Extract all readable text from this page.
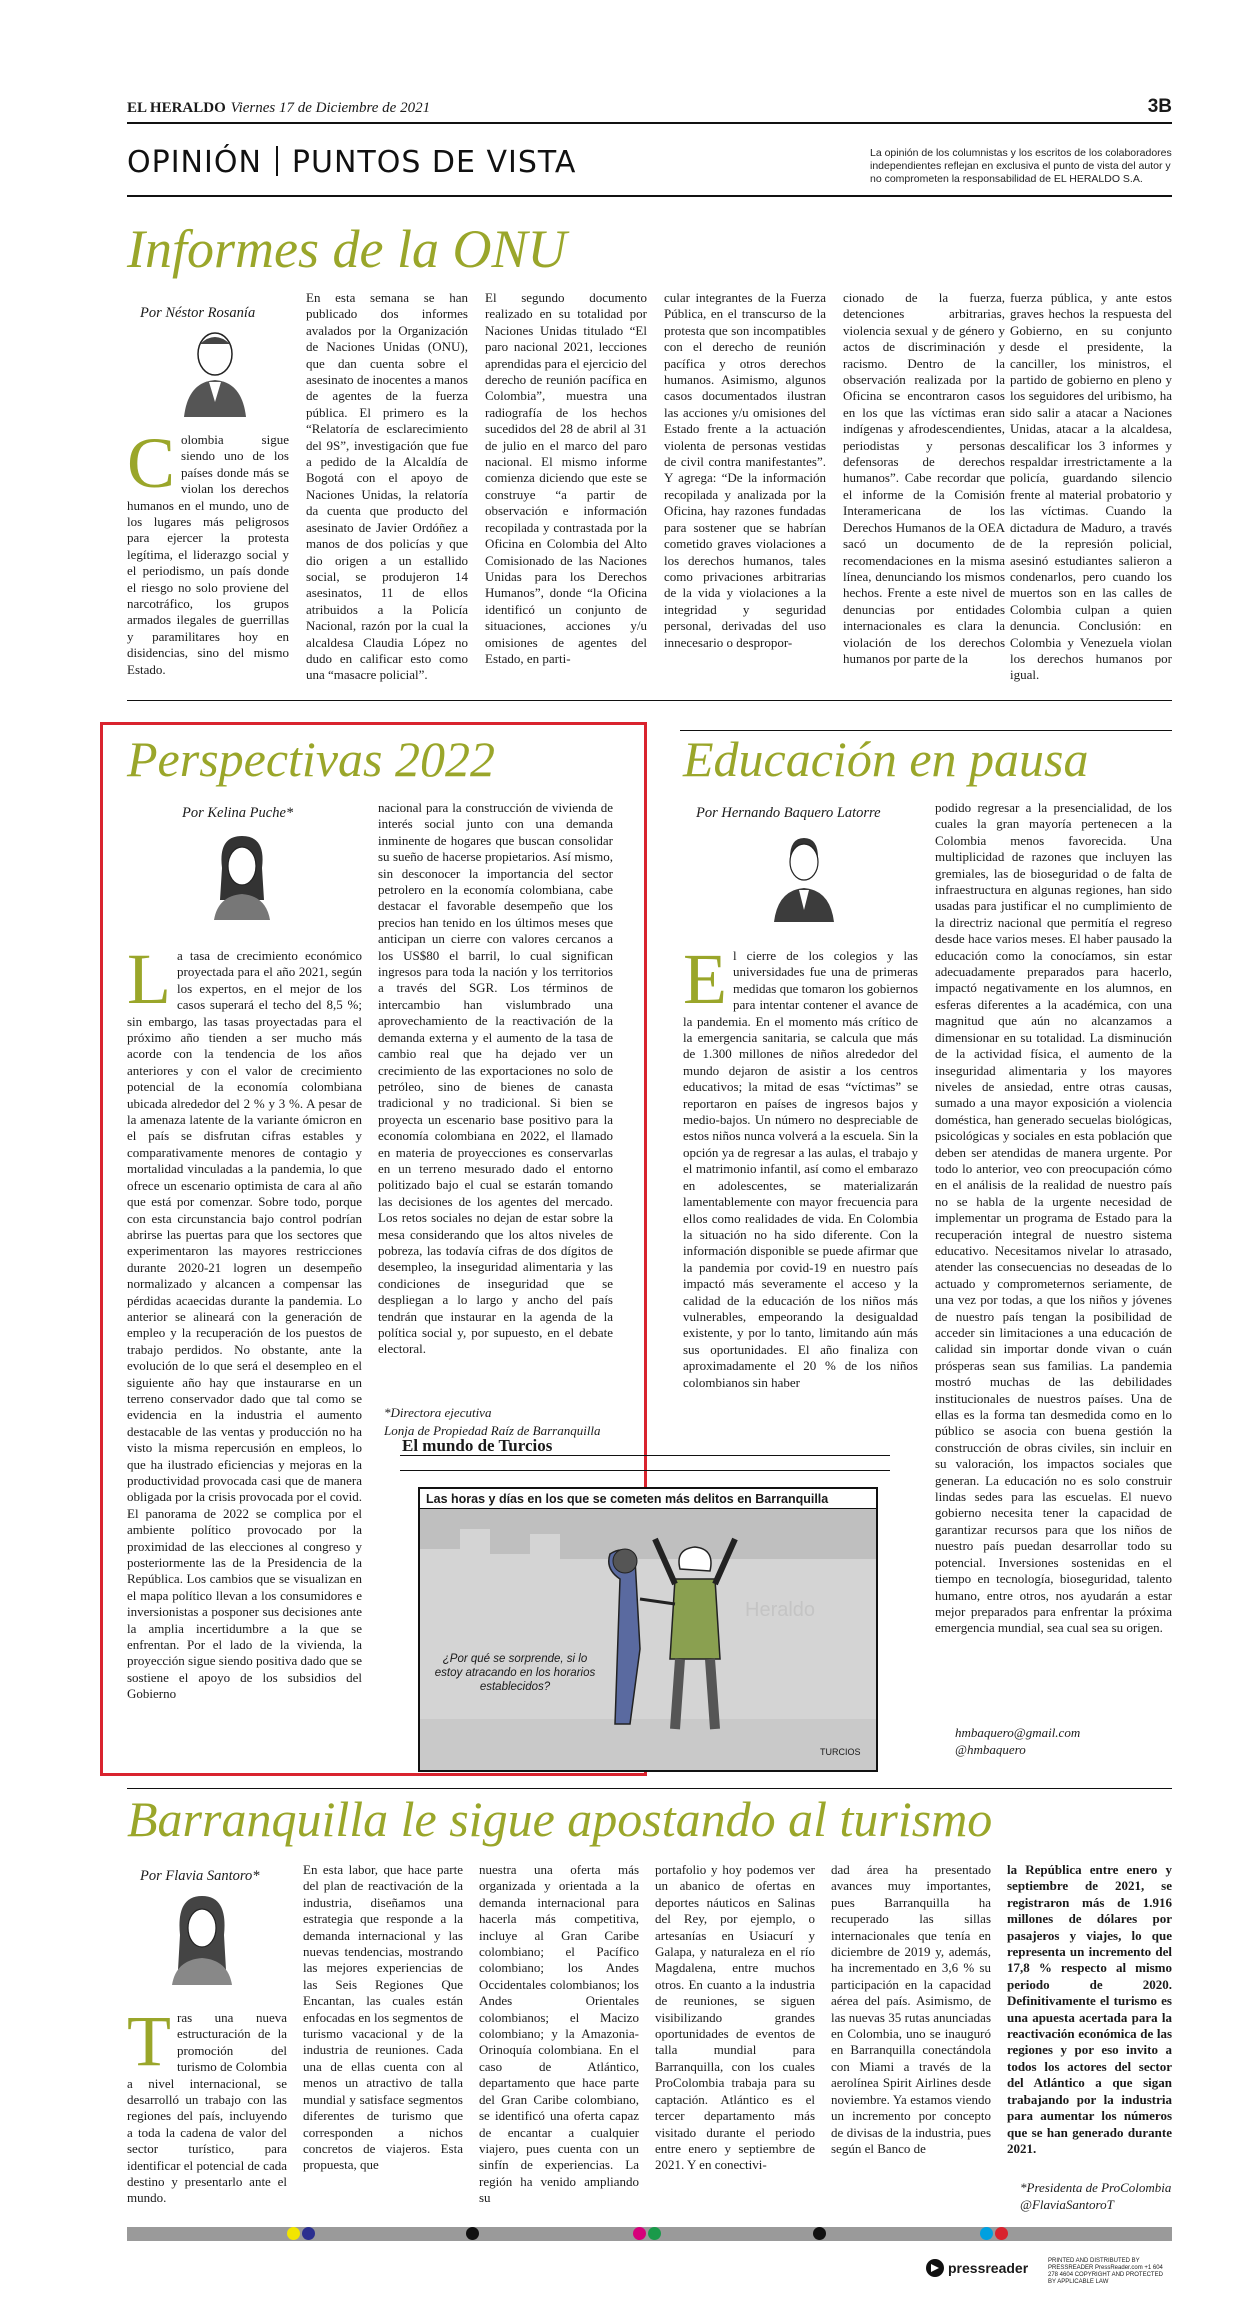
EL HERALDO Viernes 17 de Diciembre de 2021	3B
OPINIÓN PUNTOS DE VISTA	La opinión de los columnistas y los escritos de los colaboradores independientes reflejan en exclusiva el punto de vista del autor y no comprometen la responsabilidad de EL HERALDO S.A.
Informes de la ONU
Por Néstor Rosanía
Colombia sigue siendo uno de los países donde más se violan los derechos humanos en el mundo, uno de los lugares más peligrosos para ejercer la protesta legítima, el liderazgo social y el periodismo, un país donde el riesgo no solo proviene del narcotráfico, los grupos armados ilegales de guerrillas y paramilitares hoy en disidencias, sino del mismo Estado.
En esta semana se han publicado dos informes avalados por la Organización de Naciones Unidas (ONU), que dan cuenta sobre el asesinato de inocentes a manos de agentes de la fuerza pública. El primero es la “Relatoría de esclarecimiento del 9S”, investigación que fue a pedido de la Alcaldía de Bogotá con el apoyo de Naciones Unidas, la relatoría da cuenta que producto del asesinato de Javier Ordóñez a manos de dos policías y que dio origen a un estallido social, se produjeron 14 asesinatos, 11 de ellos atribuidos a la Policía Nacional, razón por la cual la alcaldesa Claudia López no dudo en calificar esto como una “masacre policial”.
El segundo documento realizado en su totalidad por Naciones Unidas titulado “El paro nacional 2021, lecciones aprendidas para el ejercicio del derecho de reunión pacífica en Colombia”, muestra una radiografía de los hechos sucedidos del 28 de abril al 31 de julio en el marco del paro nacional. El mismo informe comienza diciendo que este se construye “a partir de observación e información recopilada y contrastada por la Oficina en Colombia del Alto Comisionado de las Naciones Unidas para los Derechos Humanos”, donde “la Oficina identificó un conjunto de situaciones, acciones y/u omisiones de agentes del Estado, en parti-
cular integrantes de la Fuerza Pública, en el transcurso de la protesta que son incompatibles con el derecho de reunión pacífica y otros derechos humanos. Asimismo, algunos casos documentados ilustran las acciones y/u omisiones del Estado frente a la actuación violenta de personas vestidas de civil contra manifestantes”. Y agrega: “De la información recopilada y analizada por la Oficina, hay razones fundadas para sostener que se habrían cometido graves violaciones a los derechos humanos, tales como privaciones arbitrarias de la vida y violaciones a la integridad y seguridad personal, derivadas del uso innecesario o despropor-
cionado de la fuerza, detenciones arbitrarias, violencia sexual y de género y actos de discriminación y racismo. Dentro de la observación realizada por la Oficina se encontraron casos en los que las víctimas eran indígenas y afrodescendientes, periodistas y personas defensoras de derechos humanos”. Cabe recordar que el informe de la Comisión Interamericana de los Derechos Humanos de la OEA sacó un documento de recomendaciones en la misma línea, denunciando los mismos hechos. Frente a este nivel de denuncias por entidades internacionales es clara la violación de los derechos humanos por parte de la
fuerza pública, y ante estos graves hechos la respuesta del Gobierno, en su conjunto desde el presidente, la canciller, los ministros, el partido de gobierno en pleno y los seguidores del uribismo, ha sido salir a atacar a Naciones Unidas, atacar a la alcaldesa, descalificar los 3 informes y respaldar irrestrictamente a la policía, guardando silencio frente al material probatorio y las víctimas. Cuando la dictadura de Maduro, a través de la represión policial, asesinó estudiantes salieron a condenarlos, pero cuando los muertos son en las calles de Colombia culpan a quien denuncia. Conclusión: en Colombia y Venezuela violan los derechos humanos por igual.
Perspectivas 2022
Por Kelina Puche*
La tasa de crecimiento económico proyectada para el año 2021, según los expertos, en el mejor de los casos superará el techo del 8,5 %; sin embargo, las tasas proyectadas para el próximo año tienden a ser mucho más acorde con la tendencia de los años anteriores y con el valor de crecimiento potencial de la economía colombiana ubicada alrededor del 2 % y 3 %. A pesar de la amenaza latente de la variante ómicron en el país se disfrutan cifras estables y comparativamente menores de contagio y mortalidad vinculadas a la pandemia, lo que ofrece un escenario optimista de cara al año que está por comenzar. Sobre todo, porque con esta circunstancia bajo control podrían abrirse las puertas para que los sectores que experimentaron las mayores restricciones durante 2020-21 logren un desempeño normalizado y alcancen a compensar las pérdidas acaecidas durante la pandemia. Lo anterior se alineará con la generación de empleo y la recuperación de los puestos de trabajo perdidos. No obstante, ante la evolución de lo que será el desempleo en el siguiente año hay que instaurarse en un terreno conservador dado que tal como se evidencia en la industria el aumento destacable de las ventas y producción no ha visto la misma repercusión en empleos, lo que ha ilustrado eficiencias y mejoras en la productividad provocada casi que de manera obligada por la crisis provocada por el covid. El panorama de 2022 se complica por el ambiente político provocado por la proximidad de las elecciones al congreso y posteriormente las de la Presidencia de la República. Los cambios que se visualizan en el mapa político llevan a los consumidores e inversionistas a posponer sus decisiones ante la amplia incertidumbre a la que se enfrentan. Por el lado de la vivienda, la proyección sigue siendo positiva dado que se sostiene el apoyo de los subsidios del Gobierno
nacional para la construcción de vivienda de interés social junto con una demanda inminente de hogares que buscan consolidar su sueño de hacerse propietarios. Así mismo, sin desconocer la importancia del sector petrolero en la economía colombiana, cabe destacar el favorable desempeño que los precios han tenido en los últimos meses que anticipan un cierre con valores cercanos a los US$80 el barril, lo cual significan ingresos para toda la nación y los territorios a través del SGR. Los términos de intercambio han vislumbrado una aprovechamiento de la reactivación de la demanda externa y el aumento de la tasa de cambio real que ha dejado ver un crecimiento de las exportaciones no solo de petróleo, sino de bienes de canasta tradicional y no tradicional. Si bien se proyecta un escenario base positivo para la economía colombiana en 2022, el llamado en materia de proyecciones es conservarlas en un terreno mesurado dado el entorno politizado bajo el cual se estarán tomando las decisiones de los agentes del mercado. Los retos sociales no dejan de estar sobre la mesa considerando que los altos niveles de pobreza, las todavía cifras de dos dígitos de desempleo, la inseguridad alimentaria y las condiciones de inseguridad que se despliegan a lo largo y ancho del país tendrán que instaurar en la agenda de la política social y, por supuesto, en el debate electoral.
*Directora ejecutiva
Lonja de Propiedad Raíz de Barranquilla
El mundo de Turcios
Las horas y días en los que se cometen más delitos en Barranquilla
¿Por qué se sorprende, si lo estoy atracando en los horarios establecidos?
TURCIOS
Heraldo
Educación en pausa
Por Hernando Baquero Latorre
El cierre de los colegios y las universidades fue una de primeras medidas que tomaron los gobiernos para intentar contener el avance de la pandemia. En el momento más crítico de la emergencia sanitaria, se calcula que más de 1.300 millones de niños alrededor del mundo dejaron de asistir a los centros educativos; la mitad de esas “víctimas” se reportaron en países de ingresos bajos y medio-bajos. Un número no despreciable de estos niños nunca volverá a la escuela. Sin la opción ya de regresar a las aulas, el trabajo y el matrimonio infantil, así como el embarazo en adolescentes, se materializarán lamentablemente con mayor frecuencia para ellos como realidades de vida. En Colombia la situación no ha sido diferente. Con la información disponible se puede afirmar que la pandemia por covid-19 en nuestro país impactó más severamente el acceso y la calidad de la educación de los niños más vulnerables, empeorando la desigualdad existente, y por lo tanto, limitando aún más sus oportunidades. El año finaliza con aproximadamente el 20 % de los niños colombianos sin haber
podido regresar a la presencialidad, de los cuales la gran mayoría pertenecen a la Colombia menos favorecida. Una multiplicidad de razones que incluyen las gremiales, las de bioseguridad o de falta de infraestructura en algunas regiones, han sido usadas para justificar el no cumplimiento de la directriz nacional que permitía el regreso desde hace varios meses. El haber pausado la educación como la conocíamos, sin estar adecuadamente preparados para hacerlo, impactó negativamente en los alumnos, en esferas diferentes a la académica, con una magnitud que aún no alcanzamos a dimensionar en su totalidad. La disminución de la actividad física, el aumento de la inseguridad alimentaria y los mayores niveles de ansiedad, entre otras causas, sumado a una mayor exposición a violencia doméstica, han generado secuelas biológicas, psicológicas y sociales en esta población que deben ser atendidas de manera urgente. Por todo lo anterior, veo con preocupación cómo en el análisis de la realidad de nuestro país no se habla de la urgente necesidad de implementar un programa de Estado para la recuperación integral de nuestro sistema educativo. Necesitamos nivelar lo atrasado, atender las consecuencias no deseadas de lo actuado y comprometernos seriamente, de una vez por todas, a que los niños y jóvenes de nuestro país tengan la posibilidad de acceder sin limitaciones a una educación de calidad sin importar donde vivan o cuán prósperas sean sus familias. La pandemia mostró muchas de las debilidades institucionales de nuestros países. Una de ellas es la forma tan desmedida como en lo público se asocia con buena gestión la construcción de obras civiles, sin incluir en su valoración, los impactos sociales que generan. La educación no es solo construir lindas sedes para las escuelas. El nuevo gobierno necesita tener la capacidad de garantizar recursos para que los niños de nuestro país puedan desarrollar todo su potencial. Inversiones sostenidas en el tiempo en tecnología, bioseguridad, talento humano, entre otros, nos ayudarán a estar mejor preparados para enfrentar la próxima emergencia mundial, sea cual sea su origen.
hmbaquero@gmail.com
@hmbaquero
Barranquilla le sigue apostando al turismo
Por Flavia Santoro*
Tras una nueva estructuración de la promoción del turismo de Colombia a nivel internacional, se desarrolló un trabajo con las regiones del país, incluyendo a toda la cadena de valor del sector turístico, para identificar el potencial de cada destino y presentarlo ante el mundo.
En esta labor, que hace parte del plan de reactivación de la industria, diseñamos una estrategia que responde a la demanda internacional y las nuevas tendencias, mostrando las mejores experiencias de las Seis Regiones Que Encantan, las cuales están enfocadas en los segmentos de turismo vacacional y de la industria de reuniones. Cada una de ellas cuenta con al menos un atractivo de talla mundial y satisface segmentos diferentes de turismo que corresponden a nichos concretos de viajeros. Esta propuesta, que
nuestra una oferta más organizada y orientada a la demanda internacional para hacerla más competitiva, incluye al Gran Caribe colombiano; el Pacífico colombiano; los Andes Occidentales colombianos; los Andes Orientales colombianos; el Macizo colombiano; y la Amazonia-Orinoquía colombiana. En el caso de Atlántico, departamento que hace parte del Gran Caribe colombiano, se identificó una oferta capaz de encantar a cualquier viajero, pues cuenta con un sinfín de experiencias. La región ha venido ampliando su
portafolio y hoy podemos ver un abanico de ofertas en deportes náuticos en Salinas del Rey, por ejemplo, o artesanías en Usiacurí y Galapa, y naturaleza en el río Magdalena, entre muchos otros. En cuanto a la industria de reuniones, se siguen visibilizando grandes oportunidades de eventos de talla mundial para Barranquilla, con los cuales ProColombia trabaja para su captación. Atlántico es el tercer departamento más visitado durante el periodo entre enero y septiembre de 2021. Y en conectivi-
dad área ha presentado avances muy importantes, pues Barranquilla ha recuperado las sillas internacionales que tenía en diciembre de 2019 y, además, ha incrementado en 3,6 % su participación en la capacidad aérea del país. Asimismo, de las nuevas 35 rutas anunciadas en Colombia, uno se inauguró en Barranquilla conectándola con Miami a través de la aerolínea Spirit Airlines desde noviembre. Ya estamos viendo un incremento por concepto de divisas de la industria, pues según el Banco de
la República entre enero y septiembre de 2021, se registraron más de 1.916 millones de dólares por pasajeros y viajes, lo que representa un incremento del 17,8 % respecto al mismo periodo de 2020. Definitivamente el turismo es una apuesta acertada para la reactivación económica de las regiones y por eso invito a todos los actores del sector del Atlántico a que sigan trabajando por la industria para aumentar los números que se han generado durante 2021.
*Presidenta de ProColombia
@FlaviaSantoroT
pressreader	PRINTED AND DISTRIBUTED BY PRESSREADER PressReader.com +1 604 278 4604 COPYRIGHT AND PROTECTED BY APPLICABLE LAW
